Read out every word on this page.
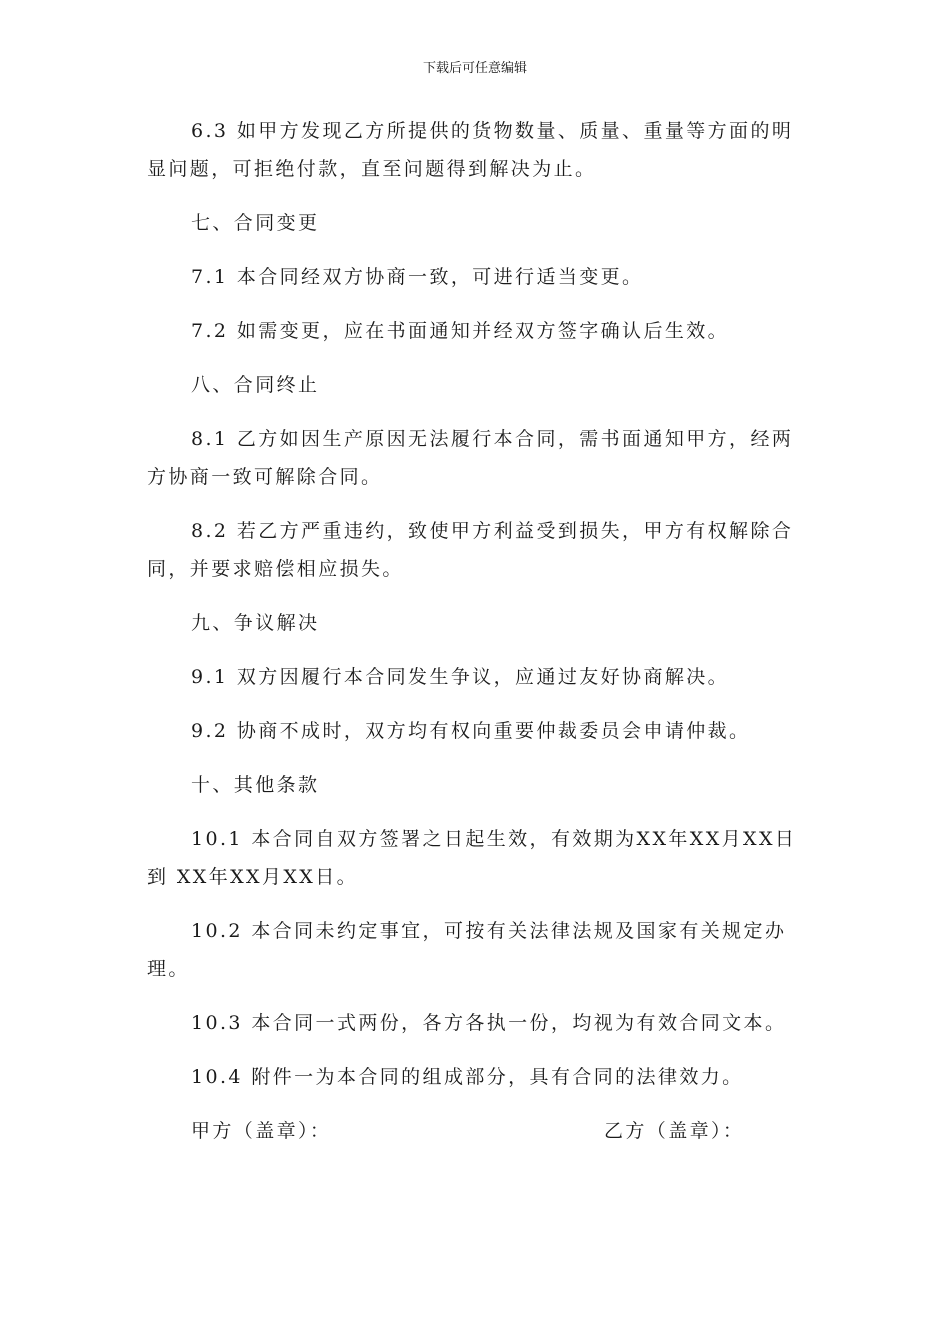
下载后可任意编辑

6.3 如甲方发现乙方所提供的货物数量、质量、重量等方面的明显问题，可拒绝付款，直至问题得到解决为止。

七、合同变更

7.1 本合同经双方协商一致，可进行适当变更。

7.2 如需变更，应在书面通知并经双方签字确认后生效。

八、合同终止

8.1 乙方如因生产原因无法履行本合同，需书面通知甲方，经两方协商一致可解除合同。

8.2 若乙方严重违约，致使甲方利益受到损失，甲方有权解除合同，并要求赔偿相应损失。

九、争议解决

9.1 双方因履行本合同发生争议，应通过友好协商解决。

9.2 协商不成时，双方均有权向重要仲裁委员会申请仲裁。

十、其他条款

10.1 本合同自双方签署之日起生效，有效期为XX年XX月XX日到 XX年XX月XX日。

10.2 本合同未约定事宜，可按有关法律法规及国家有关规定办理。

10.3 本合同一式两份，各方各执一份，均视为有效合同文本。

10.4 附件一为本合同的组成部分，具有合同的法律效力。

甲方（盖章）：	乙方（盖章）：
